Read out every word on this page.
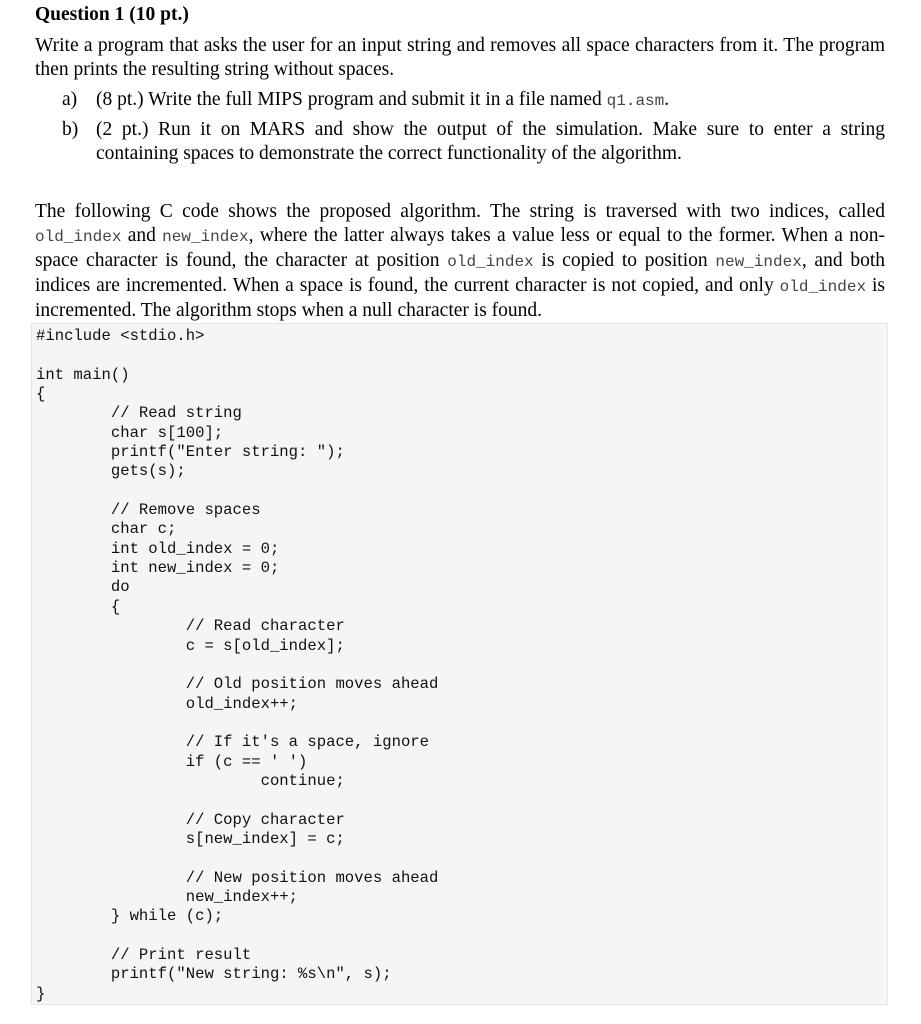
Question 1 (10 pt.)
Write a program that asks the user for an input string and removes all space characters from it. The program then prints the resulting string without spaces.
a) (8 pt.) Write the full MIPS program and submit it in a file named q1.asm.
b) (2 pt.) Run it on MARS and show the output of the simulation. Make sure to enter a string containing spaces to demonstrate the correct functionality of the algorithm.
The following C code shows the proposed algorithm. The string is traversed with two indices, called old_index and new_index, where the latter always takes a value less or equal to the former. When a non-space character is found, the character at position old_index is copied to position new_index, and both indices are incremented. When a space is found, the current character is not copied, and only old_index is incremented. The algorithm stops when a null character is found.
#include <stdio.h>

int main()
{
// Read string
char s[100];
printf("Enter string: ");
gets(s);

// Remove spaces
char c;
int old_index = 0;
int new_index = 0;
do
{
// Read character
c = s[old_index];

// Old position moves ahead
old_index++;

// If it's a space, ignore
if (c == ' ')
continue;

// Copy character
s[new_index] = c;

// New position moves ahead
new_index++;
} while (c);

// Print result
printf("New string: %s\n", s);
}
